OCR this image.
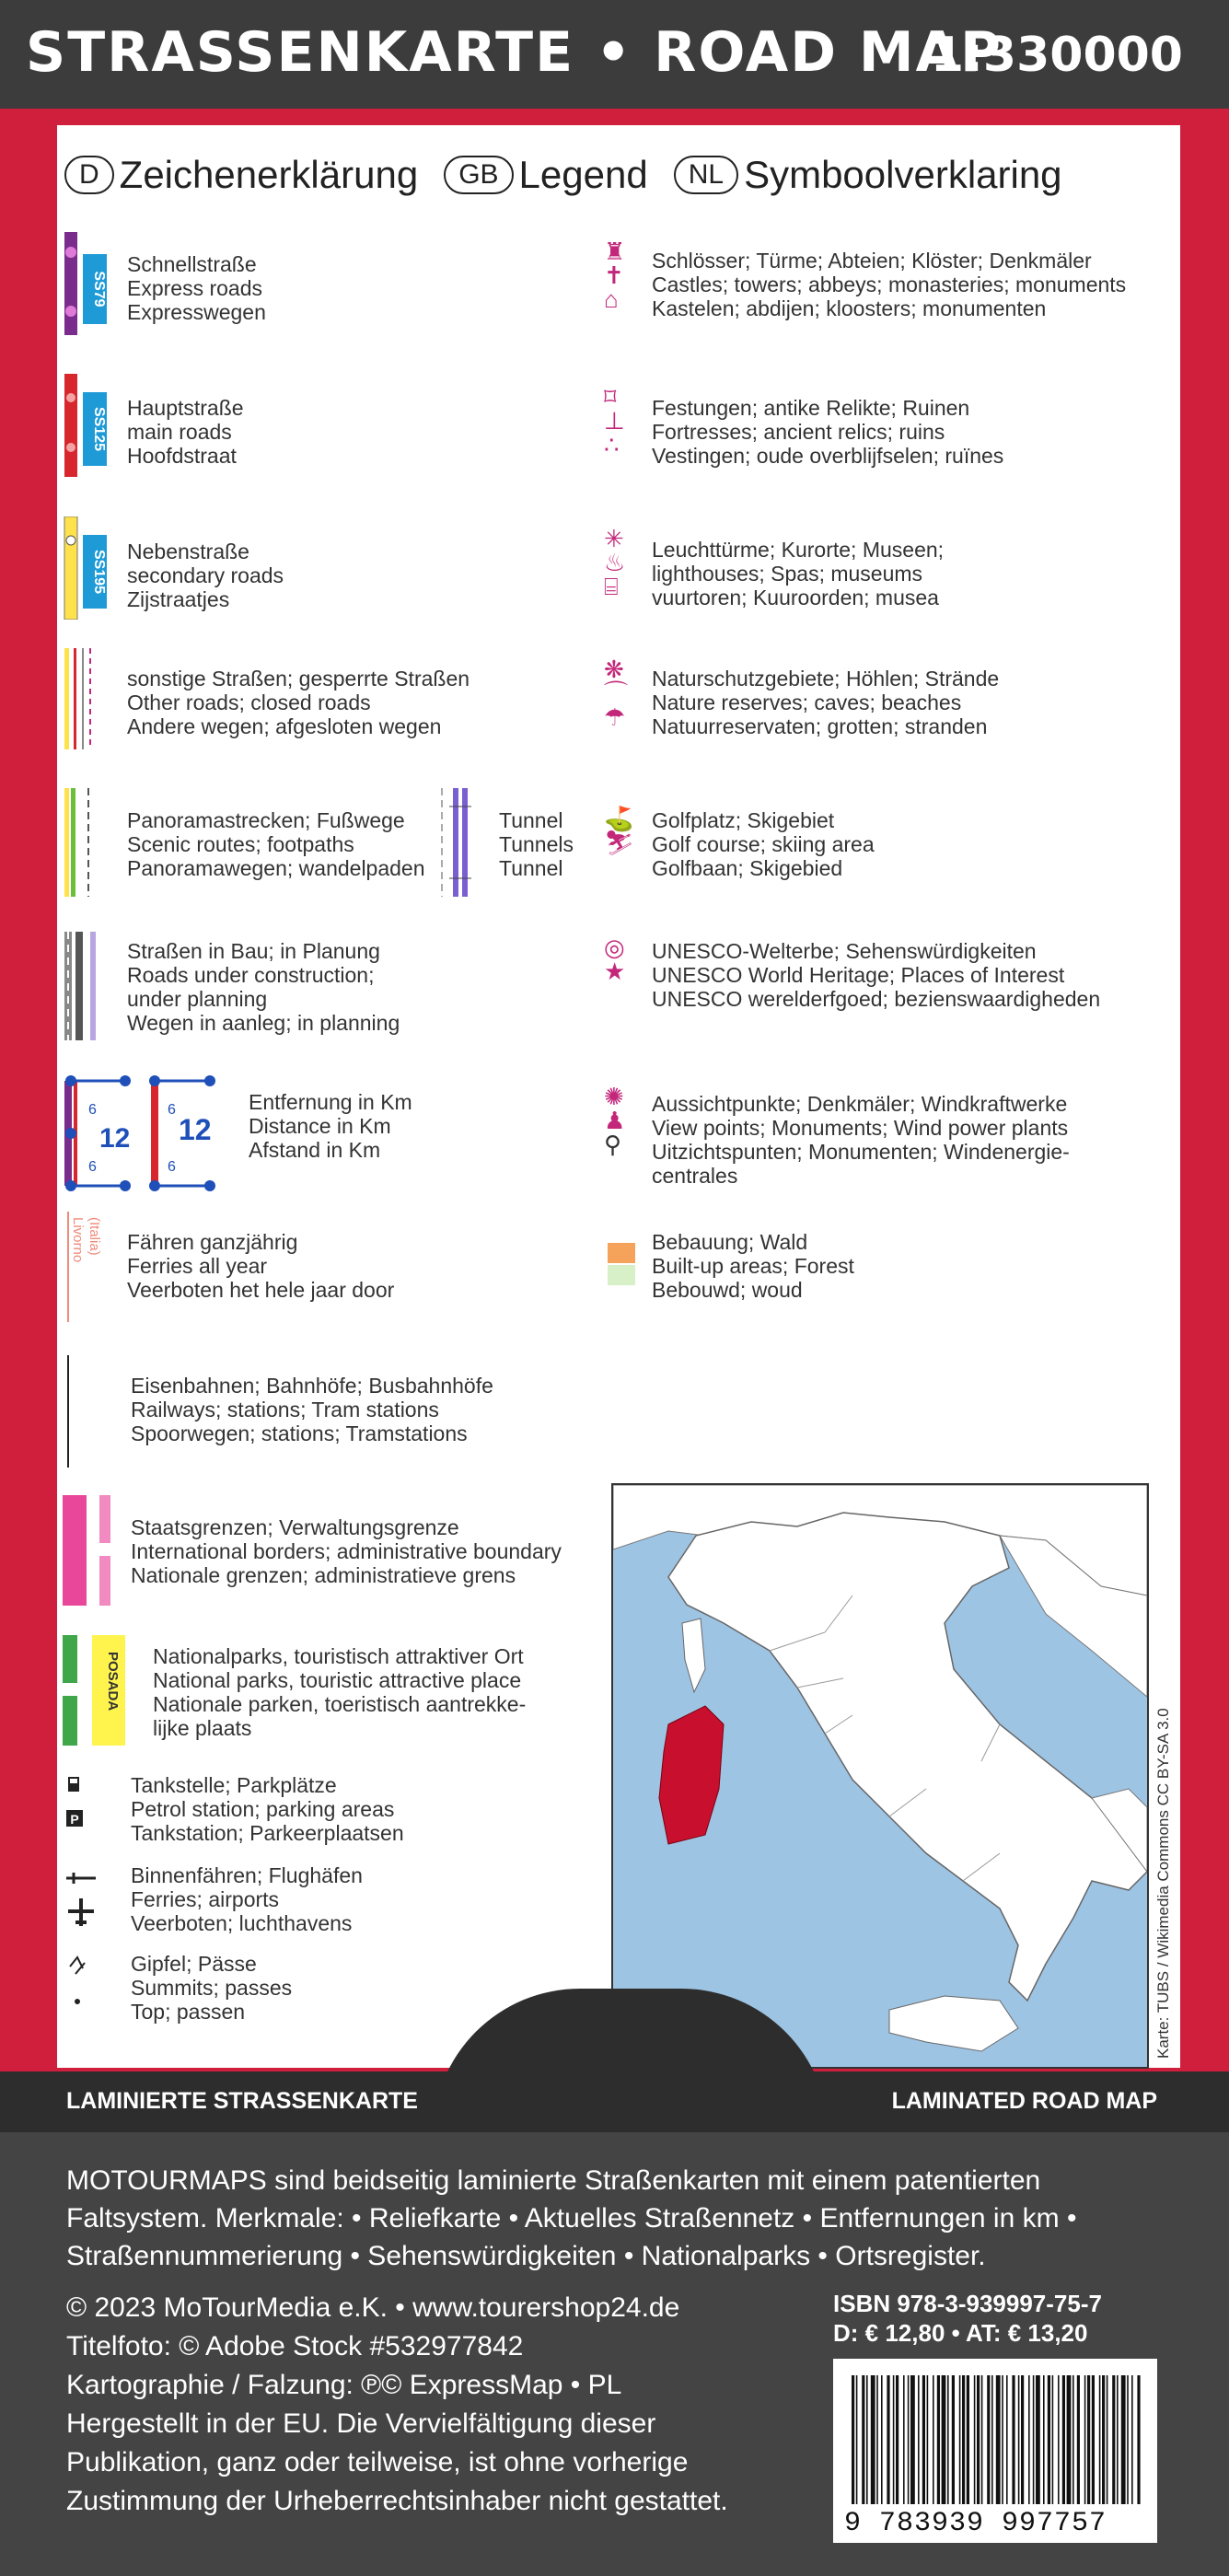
STRASSENKARTE • ROAD MAP
1:330000
D Zeichenerklärung	GB Legend	NL Symboolverklaring
SS79
Schnellstraße
Express roads
Expresswegen
SS125 Hauptstraße
main roads
Hoofdstraat
SS195 Nebenstraße
secondary roads
Zijstraatjes
sonstige Straßen; gesperrte Straßen
Other roads; closed roads
Andere wegen; afgesloten wegen
Panoramastrecken; Fußwege
Scenic routes; footpaths
Panoramawegen; wandelpaden
Tunnel
Tunnels
Tunnel
Straßen in Bau; in Planung
Roads under construction;
under planning
Wegen in aanleg; in planning
6
6
12
6
6
12
Entfernung in Km
Distance in Km
Afstand in Km
Livorno (Italia) Fähren ganzjährig
Ferries all year
Veerboten het hele jaar door
Eisenbahnen; Bahnhöfe; Busbahnhöfe
Railways; stations; Tram stations
Spoorwegen; stations; Tramstations
Staatsgrenzen; Verwaltungsgrenze
International borders; administrative boundary
Nationale grenzen; administratieve grens
POSADA Nationalparks, touristisch attraktiver Ort
National parks, touristic attractive place
Nationale parken, toeristisch aantrekke-
lijke plaats
P
Tankstelle; Parkplätze
Petrol station; parking areas
Tankstation; Parkeerplaatsen
Binnenfähren; Flughäfen
Ferries; airports
Veerboten; luchthavens
Gipfel; Pässe
Summits; passes
Top; passen
♜
✝
⌂
Schlösser; Türme; Abteien; Klöster; Denkmäler
Castles; towers; abbeys; monasteries; monuments
Kastelen; abdijen; kloosters; monumenten
⌑
⊥
∴
Festungen; antike Relikte; Ruinen
Fortresses; ancient relics; ruins
Vestingen; oude overblijfselen; ruïnes
✳
♨
⌸
Leuchttürme; Kurorte; Museen;
lighthouses; Spas; museums
vuurtoren; Kuuroorden; musea
❋
⌒
☂
Naturschutzgebiete; Höhlen; Strände
Nature reserves; caves; beaches
Natuurreservaten; grotten; stranden
⛳
⛷
Golfplatz; Skigebiet
Golf course; skiing area
Golfbaan; Skigebied
◎
★
UNESCO-Welterbe; Sehenswürdigkeiten
UNESCO World Heritage; Places of Interest
UNESCO werelderfgoed; bezienswaardigheden
✺
♟
⚲
Aussichtpunkte; Denkmäler; Windkraftwerke
View points; Monuments; Wind power plants
Uitzichtspunten; Monumenten; Windenergie-
centrales
Bebauung; Wald
Built-up areas; Forest
Bebouwd; woud
Karte: TUBS / Wikimedia Commons CC BY-SA 3.0
LAMINIERTE STRASSENKARTE	LAMINATED ROAD MAP
MOTOURMAPS sind beidseitig laminierte Straßenkarten mit einem patentierten Faltsystem. Merkmale: • Reliefkarte • Aktuelles Straßennetz • Entfernungen in km • Straßennummerierung • Sehenswürdigkeiten • Nationalparks • Ortsregister.
© 2023 MoTourMedia e.K. • www.tourershop24.de
Titelfoto: © Adobe Stock #532977842
Kartographie / Falzung: ℗© ExpressMap • PL
Hergestellt in der EU. Die Vervielfältigung dieser
Publikation, ganz oder teilweise, ist ohne vorherige
Zustimmung der Urheberrechtsinhaber nicht gestattet.
ISBN 978-3-939997-75-7
D: € 12,80 • AT: € 13,20
9 783939 997757
